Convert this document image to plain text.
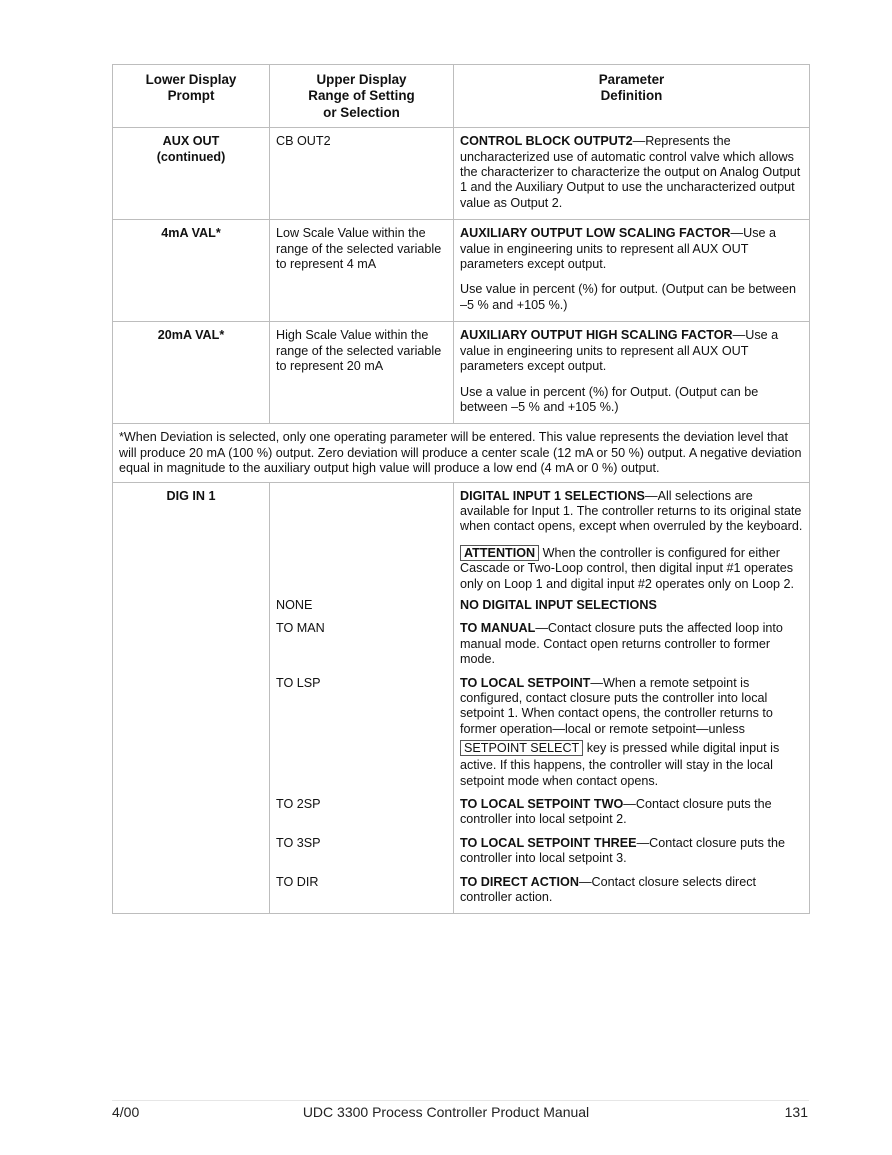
Lower Display
Prompt	Upper Display
Range of Setting
or Selection	Parameter
Definition
AUX OUT
(continued)	CB OUT2	CONTROL BLOCK OUTPUT2—Represents the uncharacterized use of automatic control valve which allows the characterizer to characterize the output on Analog Output 1 and the Auxiliary Output to use the uncharacterized output value as Output 2.

4mA VAL*	Low Scale Value within the range of the selected variable to represent 4 mA	AUXILIARY OUTPUT LOW SCALING FACTOR—Use a value in engineering units to represent all AUX OUT parameters except output.

Use value in percent (%) for output. (Output can be between –5 % and +105 %.)

20mA VAL*	High Scale Value within the range of the selected variable to represent 20 mA	AUXILIARY OUTPUT HIGH SCALING FACTOR—Use a value in engineering units to represent all AUX OUT parameters except output.

Use a value in percent (%) for Output. (Output can be between –5 % and +105 %.)

*When Deviation is selected, only one operating parameter will be entered. This value represents the deviation level that will produce 20 mA (100 %) output. Zero deviation will produce a center scale (12 mA or 50 %) output. A negative deviation equal in magnitude to the auxiliary output high value will produce a low end (4 mA or 0 %) output.		
DIG IN 1		DIGITAL INPUT 1 SELECTIONS—All selections are available for Input 1. The controller returns to its original state when contact opens, except when overruled by the keyboard.

ATTENTION When the controller is configured for either Cascade or Two-Loop control, then digital input #1 operates only on Loop 1 and digital input #2 operates only on Loop 2.

	NONE	NO DIGITAL INPUT SELECTIONS

	TO MAN	TO MANUAL—Contact closure puts the affected loop into manual mode. Contact open returns controller to former mode.

	TO LSP	TO LOCAL SETPOINT—When a remote setpoint is configured, contact closure puts the controller into local setpoint 1. When contact opens, the controller returns to former operation—local or remote setpoint—unless
SETPOINT SELECT key is pressed while digital input is active. If this happens, the controller will stay in the local setpoint mode when contact opens.

	TO 2SP	TO LOCAL SETPOINT TWO—Contact closure puts the controller into local setpoint 2.

	TO 3SP	TO LOCAL SETPOINT THREE—Contact closure puts the controller into local setpoint 3.

	TO DIR	TO DIRECT ACTION—Contact closure selects direct controller action.

4/00	UDC 3300 Process Controller Product Manual	131
